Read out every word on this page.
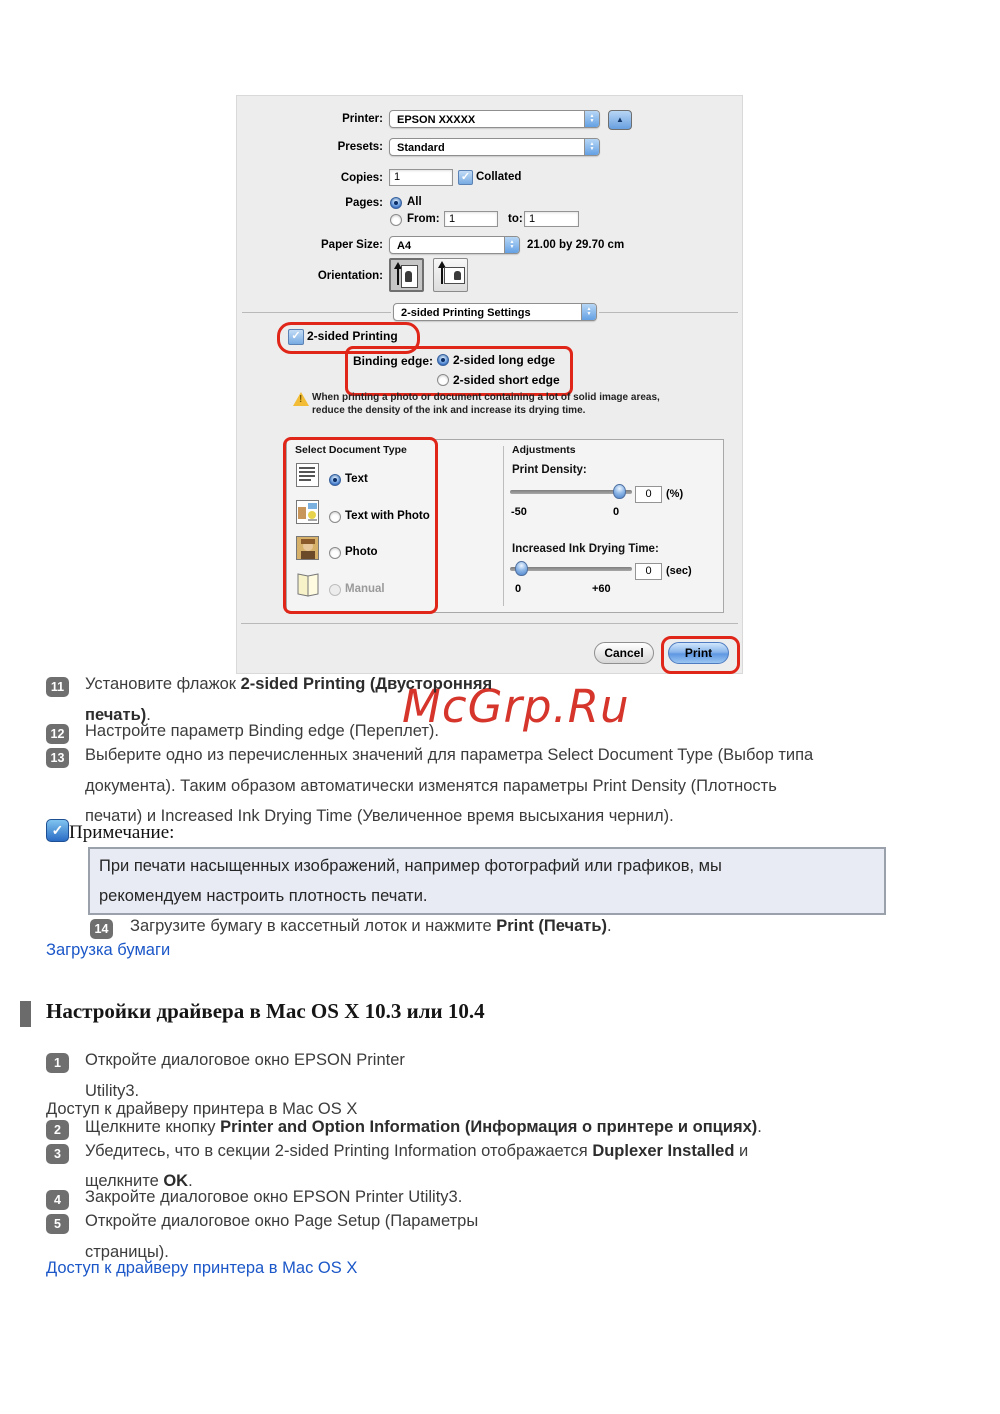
Printer:	EPSON XXXXX	▲
▼	▲
Presets:	Standard	▲
▼
Copies:	1	✓ Collated
Pages: All
From: 1	to: 1
Paper Size:	A4	▲
▼	21.00 by 29.70 cm
Orientation:
2-sided Printing Settings	▲
▼
✓ 2-sided Printing
Binding edge: 2-sided long edge
2-sided short edge
!
When printing a photo or document containing a lot of solid image areas,
reduce the density of the ink and increase its drying time.
Select Document Type
Text
Text with Photo
Photo
Manual
Adjustments
Print Density:
0	(%)
-50	0
Increased Ink Drying Time:
0	(sec)
0	+60
Cancel	Print
McGrp.Ru
11 Установите флажок 2-sided Printing (Двусторонняя
печать).
12 Настройте параметр Binding edge (Переплет).
13 Выберите одно из перечисленных значений для параметра Select Document Type (Выбор типа
документа). Таким образом автоматически изменятся параметры Print Density (Плотность
печати) и Increased Ink Drying Time (Увеличенное время высыхания чернил).
✓ Примечание:
При печати насыщенных изображений, например фотографий или графиков, мы
рекомендуем настроить плотность печати.
14 Загрузите бумагу в кассетный лоток и нажмите Print (Печать).
Загрузка бумаги
Настройки драйвера в Mac OS X 10.3 или 10.4
1	Откройте диалоговое окно EPSON Printer
Utility3.
Доступ к драйверу принтера в Mac OS X
2	Щелкните кнопку Printer and Option Information (Информация о принтере и опциях).
3	Убедитесь, что в секции 2-sided Printing Information отображается Duplexer Installed и
щелкните OK.
4	Закройте диалоговое окно EPSON Printer Utility3.
5	Откройте диалоговое окно Page Setup (Параметры
страницы).
Доступ к драйверу принтера в Mac OS X
